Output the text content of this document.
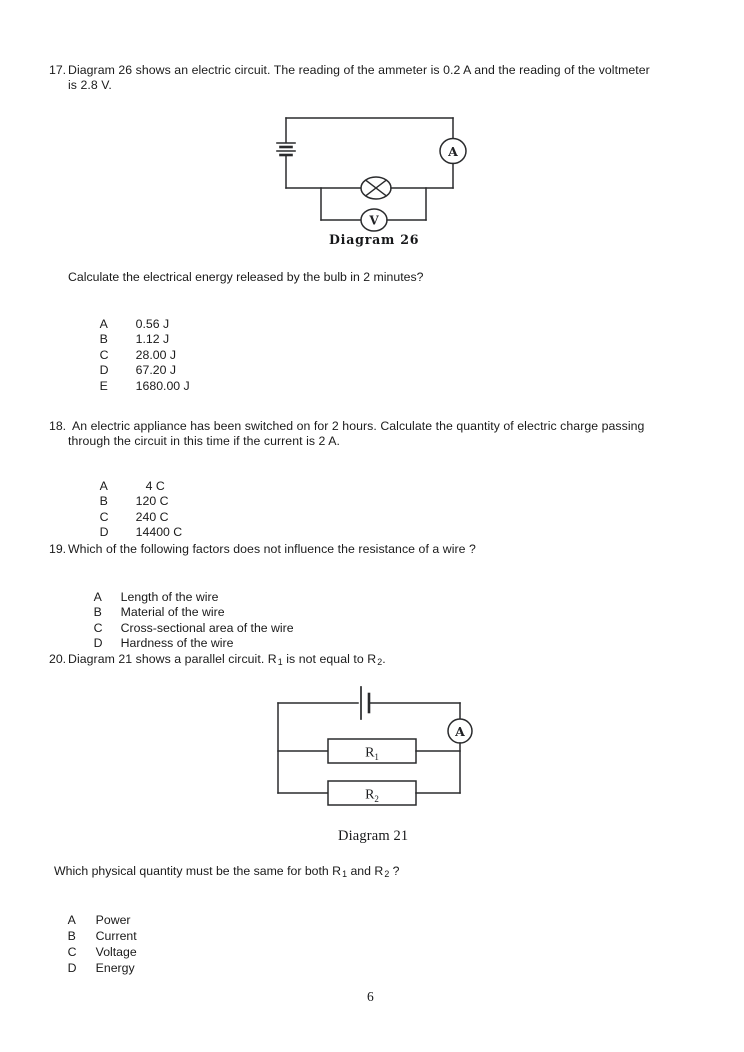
17. Diagram 26 shows an electric circuit. The reading of the ammeter is 0.2 A and the reading of the voltmeter
is 2.8 V.
A
V
Diagram 26
Calculate the electrical energy released by the bulb in 2 minutes?

A 0.56 J

B 1.12 J

C 28.00 J

D 67.20 J

E 1680.00 J

18. An electric appliance has been switched on for 2 hours. Calculate the quantity of electric charge passing
through the circuit in this time if the current is 2 A.

A	4 C

B 120 C

C 240 C

D 14400 C

19. Which of the following factors does not influence the resistance of a wire ?

A Length of the wire

B Material of the wire

C Cross-sectional area of the wire

D Hardness of the wire

20. Diagram 21 shows a parallel circuit. $R_1$ is not equal to $R_2$.
A
$R_1$
$R_2$
Diagram 21
Which physical quantity must be the same for both $R_1$ and $R_2$ ?

A Power

B Current

C Voltage

D Energy

6
